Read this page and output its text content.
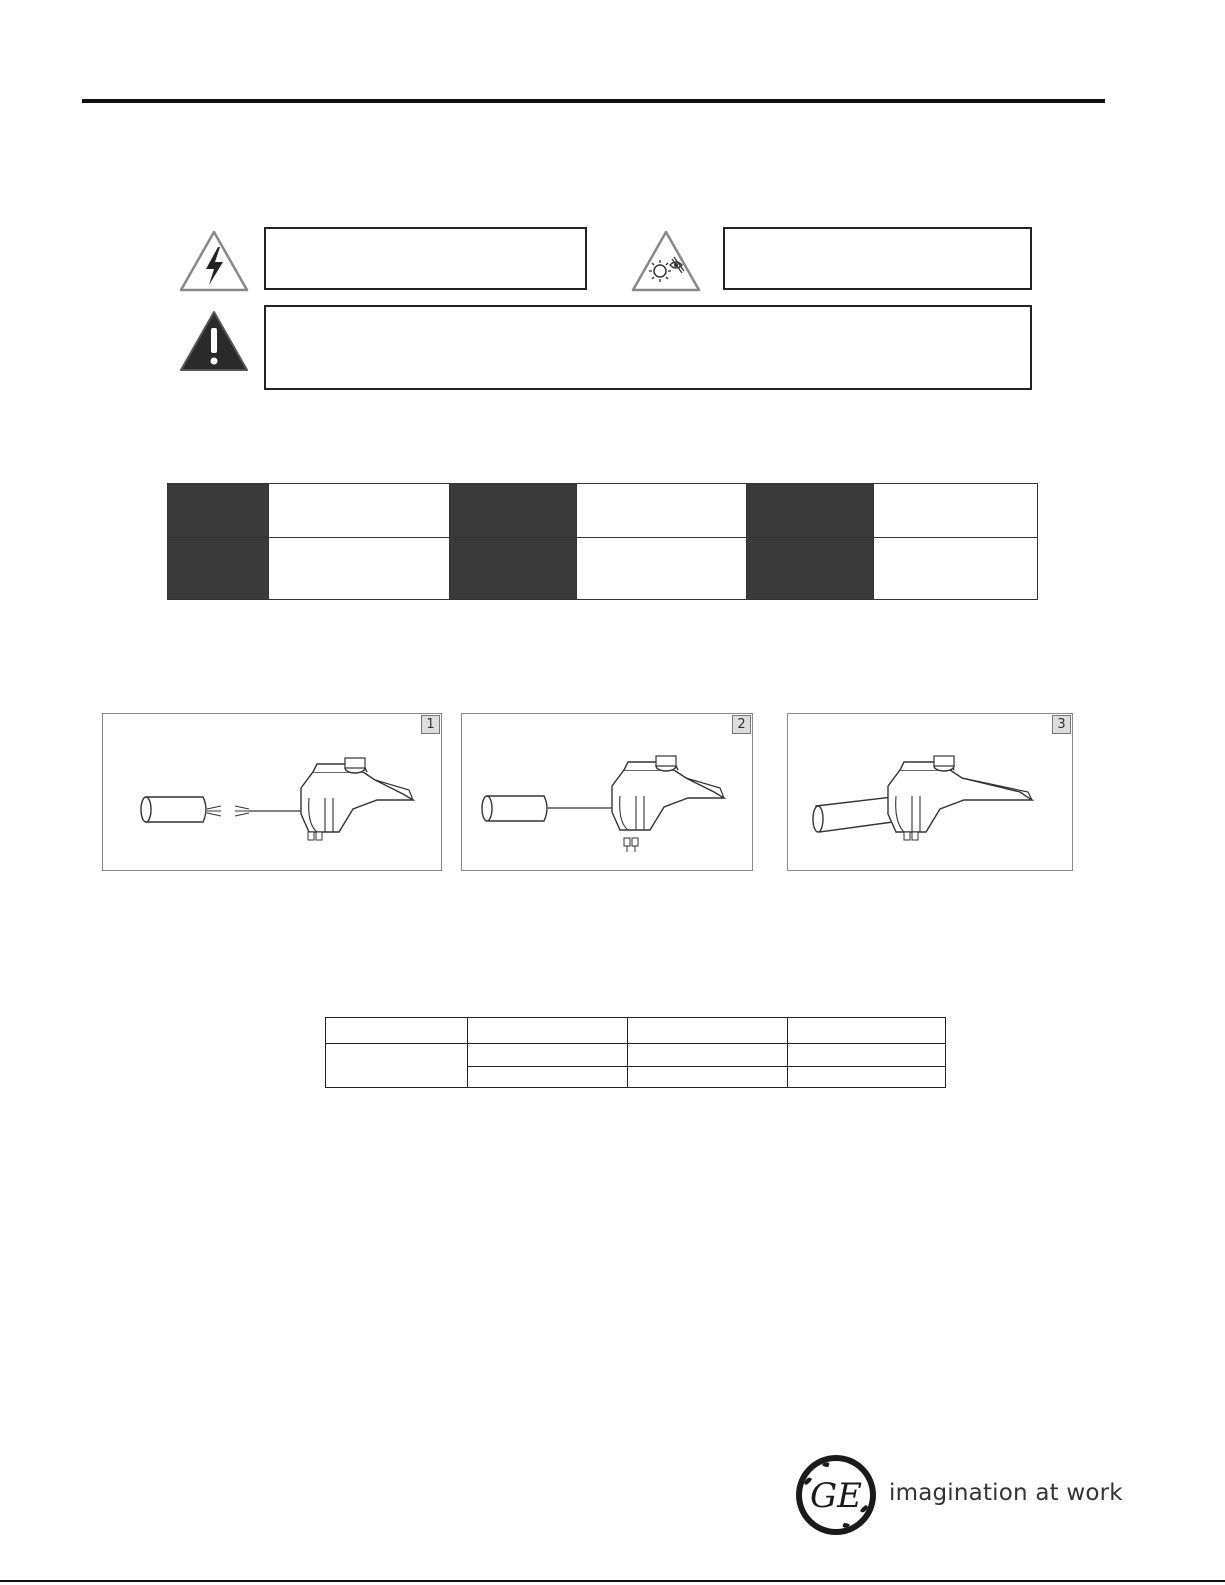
1	2	3

GE imagination at work
